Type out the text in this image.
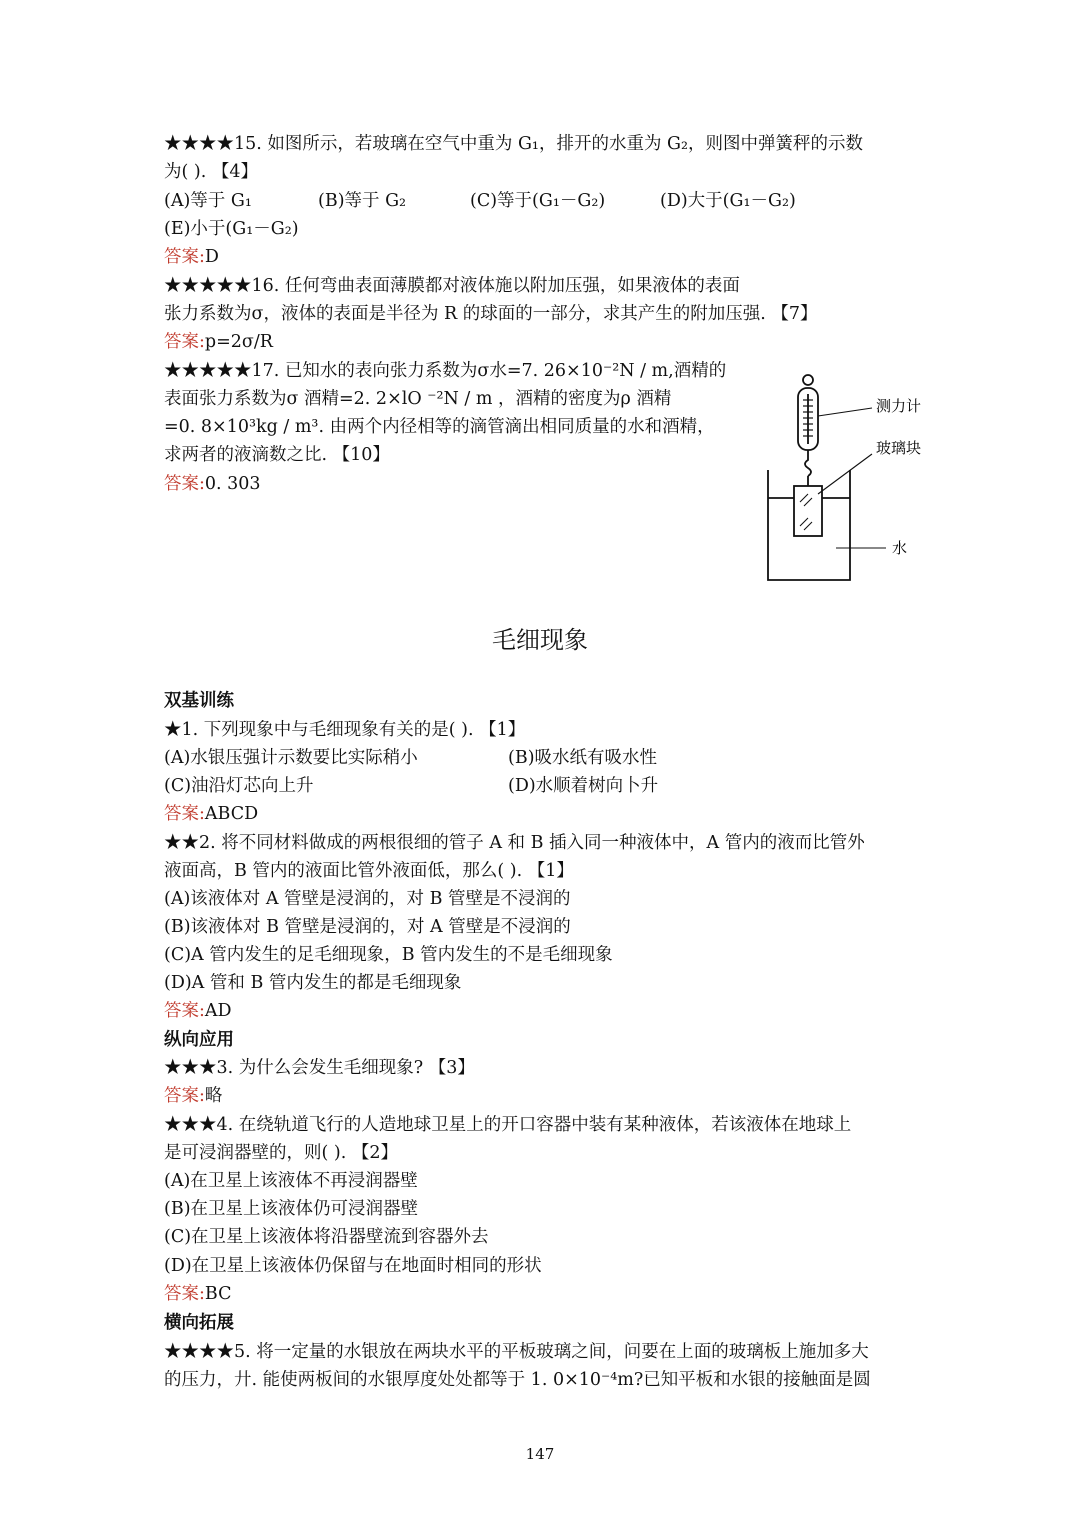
★★★★15. 如图所示，若玻璃在空气中重为 G₁，排开的水重为 G₂，则图中弹簧秤的示数
为( ). 【4】
(A)等于 G₁	(B)等于 G₂	(C)等于(G₁－G₂)	(D)大于(G₁－G₂)
(E)小于(G₁－G₂)
答案:D
★★★★★16. 任何弯曲表面薄膜都对液体施以附加压强，如果液体的表面
张力系数为σ，液体的表面是半径为 R 的球面的一部分，求其产生的附加压强. 【7】
答案:p=2σ/R
★★★★★17. 已知水的表向张力系数为σ水=7. 26×10⁻²N / m,酒精的
表面张力系数为σ 酒精=2. 2×lO ⁻²N / m ，酒精的密度为ρ 酒精
=0. 8×10³kg / m³. 由两个内径相等的滴管滴出相同质量的水和酒精，
求两者的液滴数之比. 【10】
答案:0. 303
测力计
玻璃块
水
毛细现象
双基训练
★1. 下列现象中与毛细现象有关的是( ). 【1】
(A)水银压强计示数要比实际稍小	(B)吸水纸有吸水性
(C)油沿灯芯向上升	(D)水顺着树向卜升
答案:ABCD
★★2. 将不同材料做成的两根很细的管子 A 和 B 插入同一种液体中，A 管内的液而比管外
液面高，B 管内的液面比管外液面低，那么( ). 【1】
(A)该液体对 A 管壁是浸润的，对 B 管壁是不浸润的
(B)该液体对 B 管壁是浸润的，对 A 管壁是不浸润的
(C)A 管内发生的足毛细现象，B 管内发生的不是毛细现象
(D)A 管和 B 管内发生的都是毛细现象
答案:AD
纵向应用
★★★3. 为什么会发生毛细现象? 【3】
答案:略
★★★4. 在绕轨道飞行的人造地球卫星上的开口容器中装有某种液体，若该液体在地球上
是可浸润器壁的，则( ). 【2】
(A)在卫星上该液体不再浸润器壁
(B)在卫星上该液体仍可浸润器壁
(C)在卫星上该液体将沿器壁流到容器外去
(D)在卫星上该液体仍保留与在地面时相同的形状
答案:BC
横向拓展
★★★★5. 将一定量的水银放在两块水平的平板玻璃之间，问要在上面的玻璃板上施加多大
的压力，廾. 能使两板间的水银厚度处处都等于 1. 0×10⁻⁴m?已知平板和水银的接触面是圆
147
